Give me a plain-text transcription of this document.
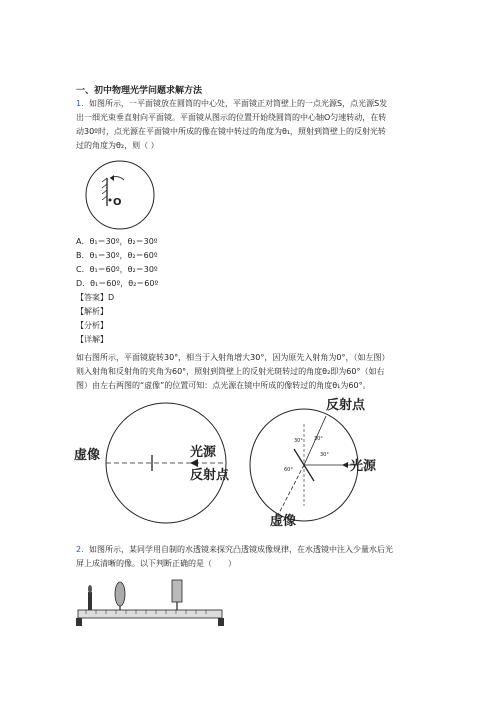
一、初中物理光学问题求解方法
1. 如图所示，一平面镜放在圆筒的中心处，平面镜正对筒壁上的一点光源S，点光源S发
出一细光束垂直射向平面镜。平面镜从图示的位置开始绕圆筒的中心轴O匀速转动，在转
动30º时，点光源在平面镜中所成的像在镜中转过的角度为θ₁，照射到筒壁上的反射光转
过的角度为θ₂，则（ ）
O
A．θ₁＝30º，θ₂＝30º
B．θ₁＝30º，θ₂＝60º
C．θ₁＝60º，θ₂＝30º
D．θ₁＝60º，θ₂＝60º
【答案】D
【解析】
【分析】
【详解】
如右图所示，平面镜旋转30°，相当于入射角增大30°，因为原先入射角为0°，（如左图）
则入射角和反射角的夹角为60°，照射到筒壁上的反射光斑转过的角度θ₂即为60°（如右
图）由左右两图的“虚像”的位置可知：点光源在镜中所成的像转过的角度θ₁为60°。
虚像	光源
反射点
30° 30°
30°
60°
反射点
光源
虚像
2. 如图所示，某同学用自制的水透镜来探究凸透镜成像规律，在水透镜中注入少量水后光
屏上成清晰的像。以下判断正确的是（　　）
